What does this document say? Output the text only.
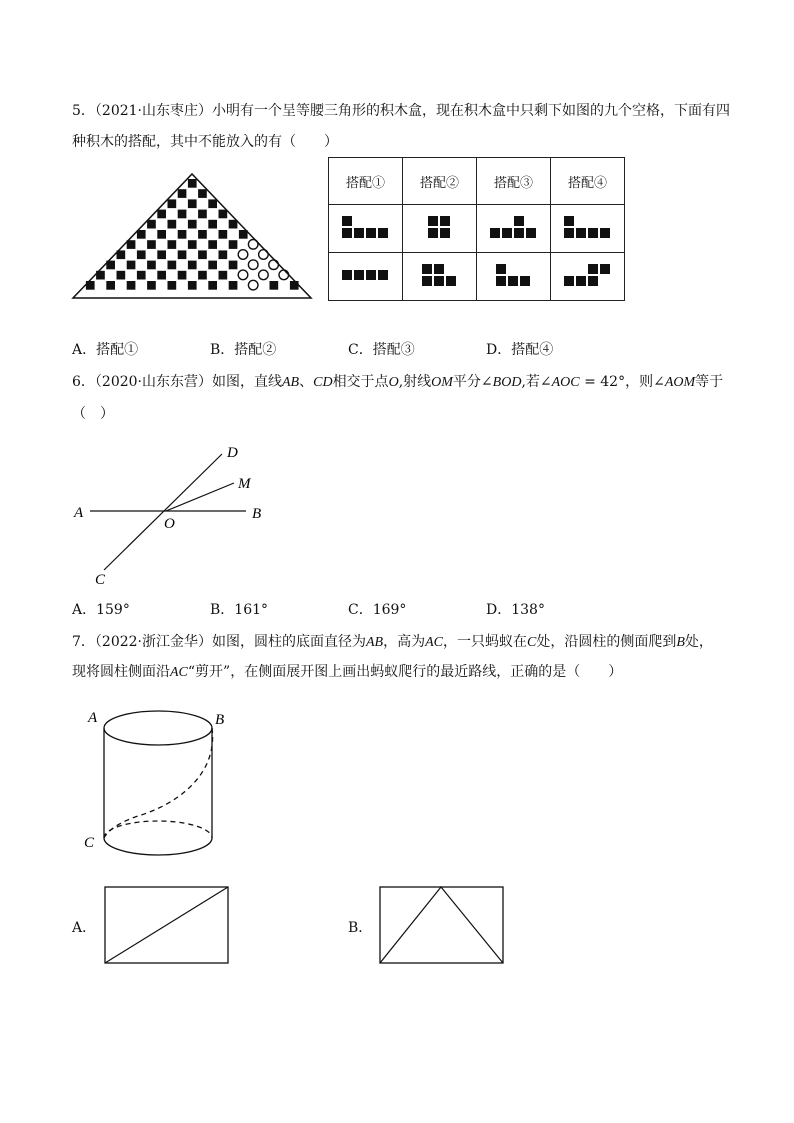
5．（2021·山东枣庄）小明有一个呈等腰三角形的积木盒，现在积木盒中只剩下如图的九个空格，下面有四
种积木的搭配，其中不能放入的有（　　）
搭配①	搭配②	搭配③	搭配④

A．搭配①	B．搭配②	C．搭配③	D．搭配④
6．（2020·山东东营）如图，直线AB、CD相交于点O,射线OM平分∠BOD,若∠AOC = 42°，则∠AOM等于
（　）
A	B
C
D
M
O
A．159°	B．161°	C．169°	D．138°
7．（2022·浙江金华）如图，圆柱的底面直径为AB，高为AC，一只蚂蚁在C处，沿圆柱的侧面爬到B处，
现将圆柱侧面沿AC“剪开”，在侧面展开图上画出蚂蚁爬行的最近路线，正确的是（　　）
A	B
C
A．	B．
